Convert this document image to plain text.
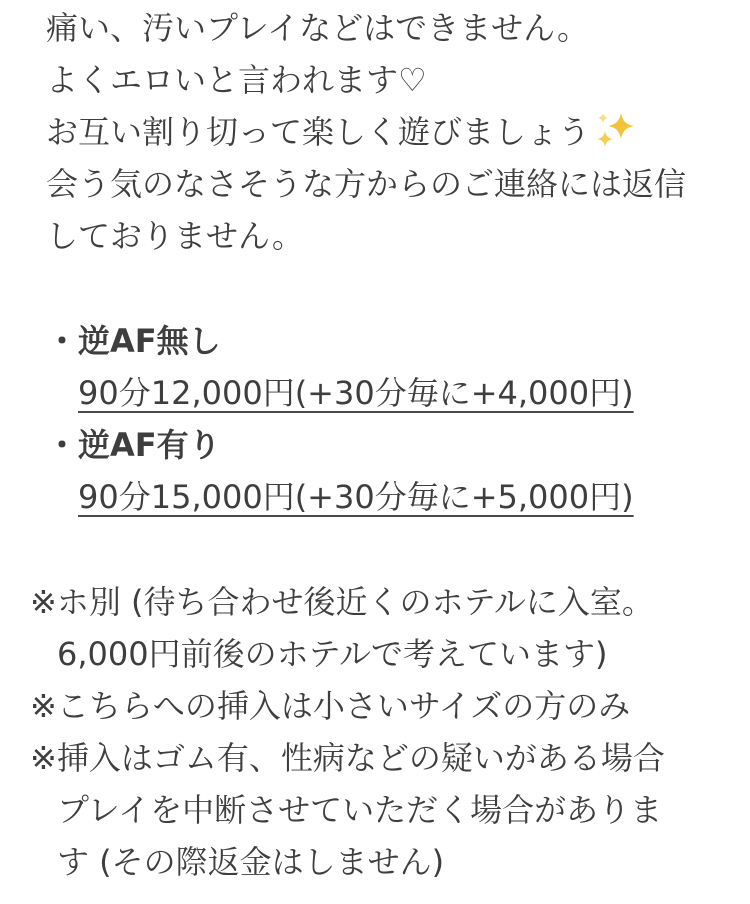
痛い、汚いプレイなどはできません。
よくエロいと言われます♡
お互い割り切って楽しく遊びましょう
会う気のなさそうな方からのご連絡には返信
しておりません。
・逆AF無し
90分12,000円(+30分毎に+4,000円)
・逆AF有り
90分15,000円(+30分毎に+5,000円)
※ホ別 (待ち合わせ後近くのホテルに入室。
6,000円前後のホテルで考えています)
※こちらへの挿入は小さいサイズの方のみ
※挿入はゴム有、性病などの疑いがある場合
プレイを中断させていただく場合がありま
す (その際返金はしません)
